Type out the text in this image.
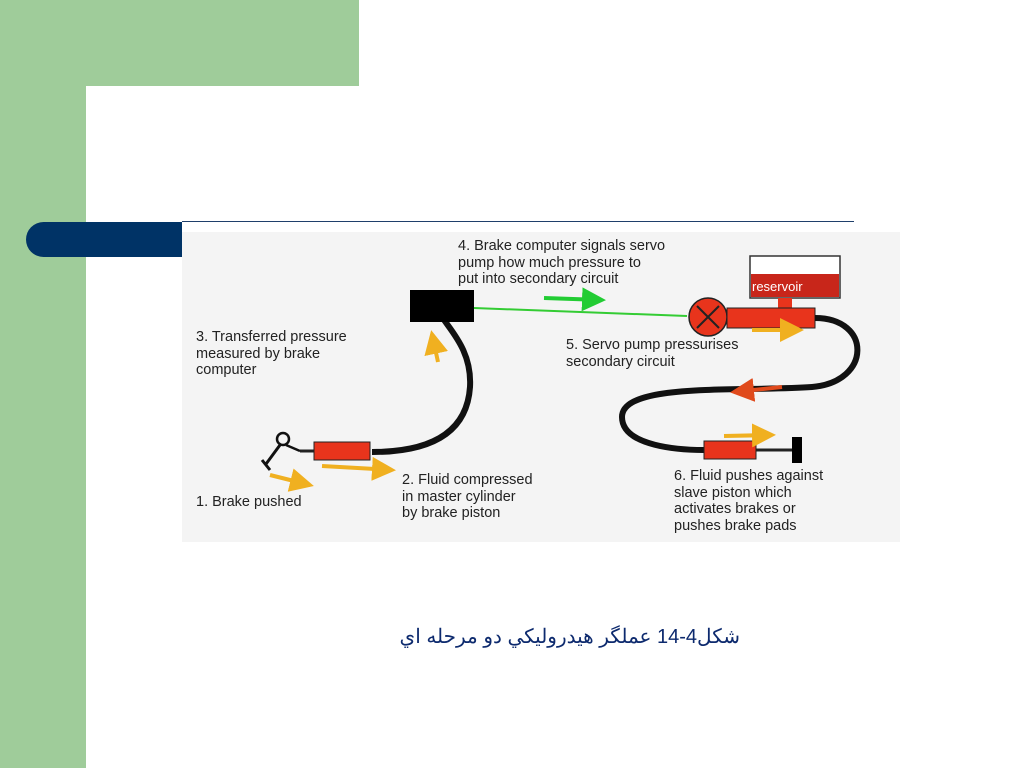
reservoir
1. Brake pushed
2. Fluid compressed
in master cylinder
by brake piston
3. Transferred pressure
measured by brake
computer
4. Brake computer signals servo
pump how much pressure to
put into secondary circuit
5. Servo pump pressurises
secondary circuit
6. Fluid pushes against
slave piston which
activates brakes or
pushes brake pads
شکل4-14 عملگر هيدروليكي دو مرحله اي
